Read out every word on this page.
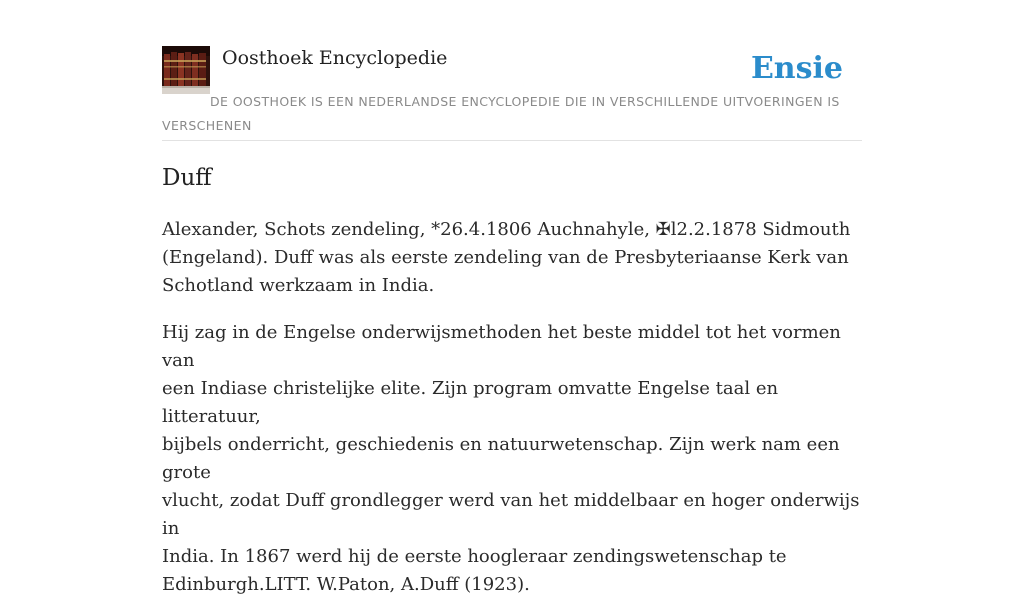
Oosthoek Encyclopedie	Ensie
DE OOSTHOEK IS EEN NEDERLANDSE ENCYCLOPEDIE DIE IN VERSCHILLENDE UITVOERINGEN IS VERSCHENEN
Duff

Alexander, Schots zendeling, *26.4.1806 Auchnahyle, ✠l2.2.1878 Sidmouth
(Engeland). Duff was als eerste zendeling van de Presbyteriaanse Kerk van
Schotland werkzaam in India.

Hij zag in de Engelse onderwijsmethoden het beste middel tot het vormen van
een Indiase christelijke elite. Zijn program omvatte Engelse taal en litteratuur,
bijbels onderricht, geschiedenis en natuurwetenschap. Zijn werk nam een grote
vlucht, zodat Duff grondlegger werd van het middelbaar en hoger onderwijs in
India. In 1867 werd hij de eerste hoogleraar zendingswetenschap te
Edinburgh.LITT. W.Paton, A.Duff (1923).
